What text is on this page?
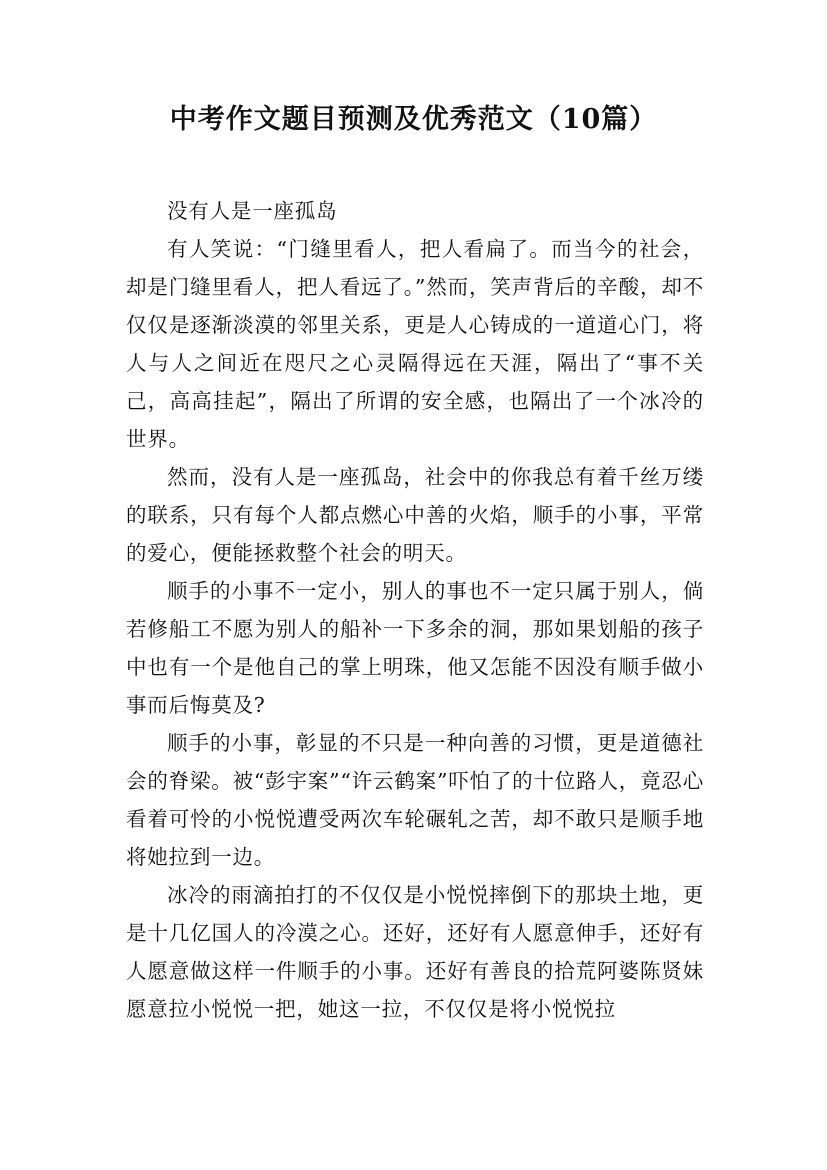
中考作文题目预测及优秀范文（10篇）

没有人是一座孤岛

有人笑说：“门缝里看人，把人看扁了。而当今的社会，却是门缝里看人，把人看远了。”然而，笑声背后的辛酸，却不仅仅是逐渐淡漠的邻里关系，更是人心铸成的一道道心门，将人与人之间近在咫尺之心灵隔得远在天涯，隔出了“事不关己，高高挂起”，隔出了所谓的安全感，也隔出了一个冰冷的世界。

然而，没有人是一座孤岛，社会中的你我总有着千丝万缕的联系，只有每个人都点燃心中善的火焰，顺手的小事，平常的爱心，便能拯救整个社会的明天。

顺手的小事不一定小，别人的事也不一定只属于别人，倘若修船工不愿为别人的船补一下多余的洞，那如果划船的孩子中也有一个是他自己的掌上明珠，他又怎能不因没有顺手做小事而后悔莫及?

顺手的小事，彰显的不只是一种向善的习惯，更是道德社会的脊梁。被“彭宇案”“许云鹤案”吓怕了的十位路人，竟忍心看着可怜的小悦悦遭受两次车轮碾轧之苦，却不敢只是顺手地将她拉到一边。

冰冷的雨滴拍打的不仅仅是小悦悦摔倒下的那块土地，更是十几亿国人的冷漠之心。还好，还好有人愿意伸手，还好有人愿意做这样一件顺手的小事。还好有善良的拾荒阿婆陈贤妹愿意拉小悦悦一把，她这一拉，不仅仅是将小悦悦拉
